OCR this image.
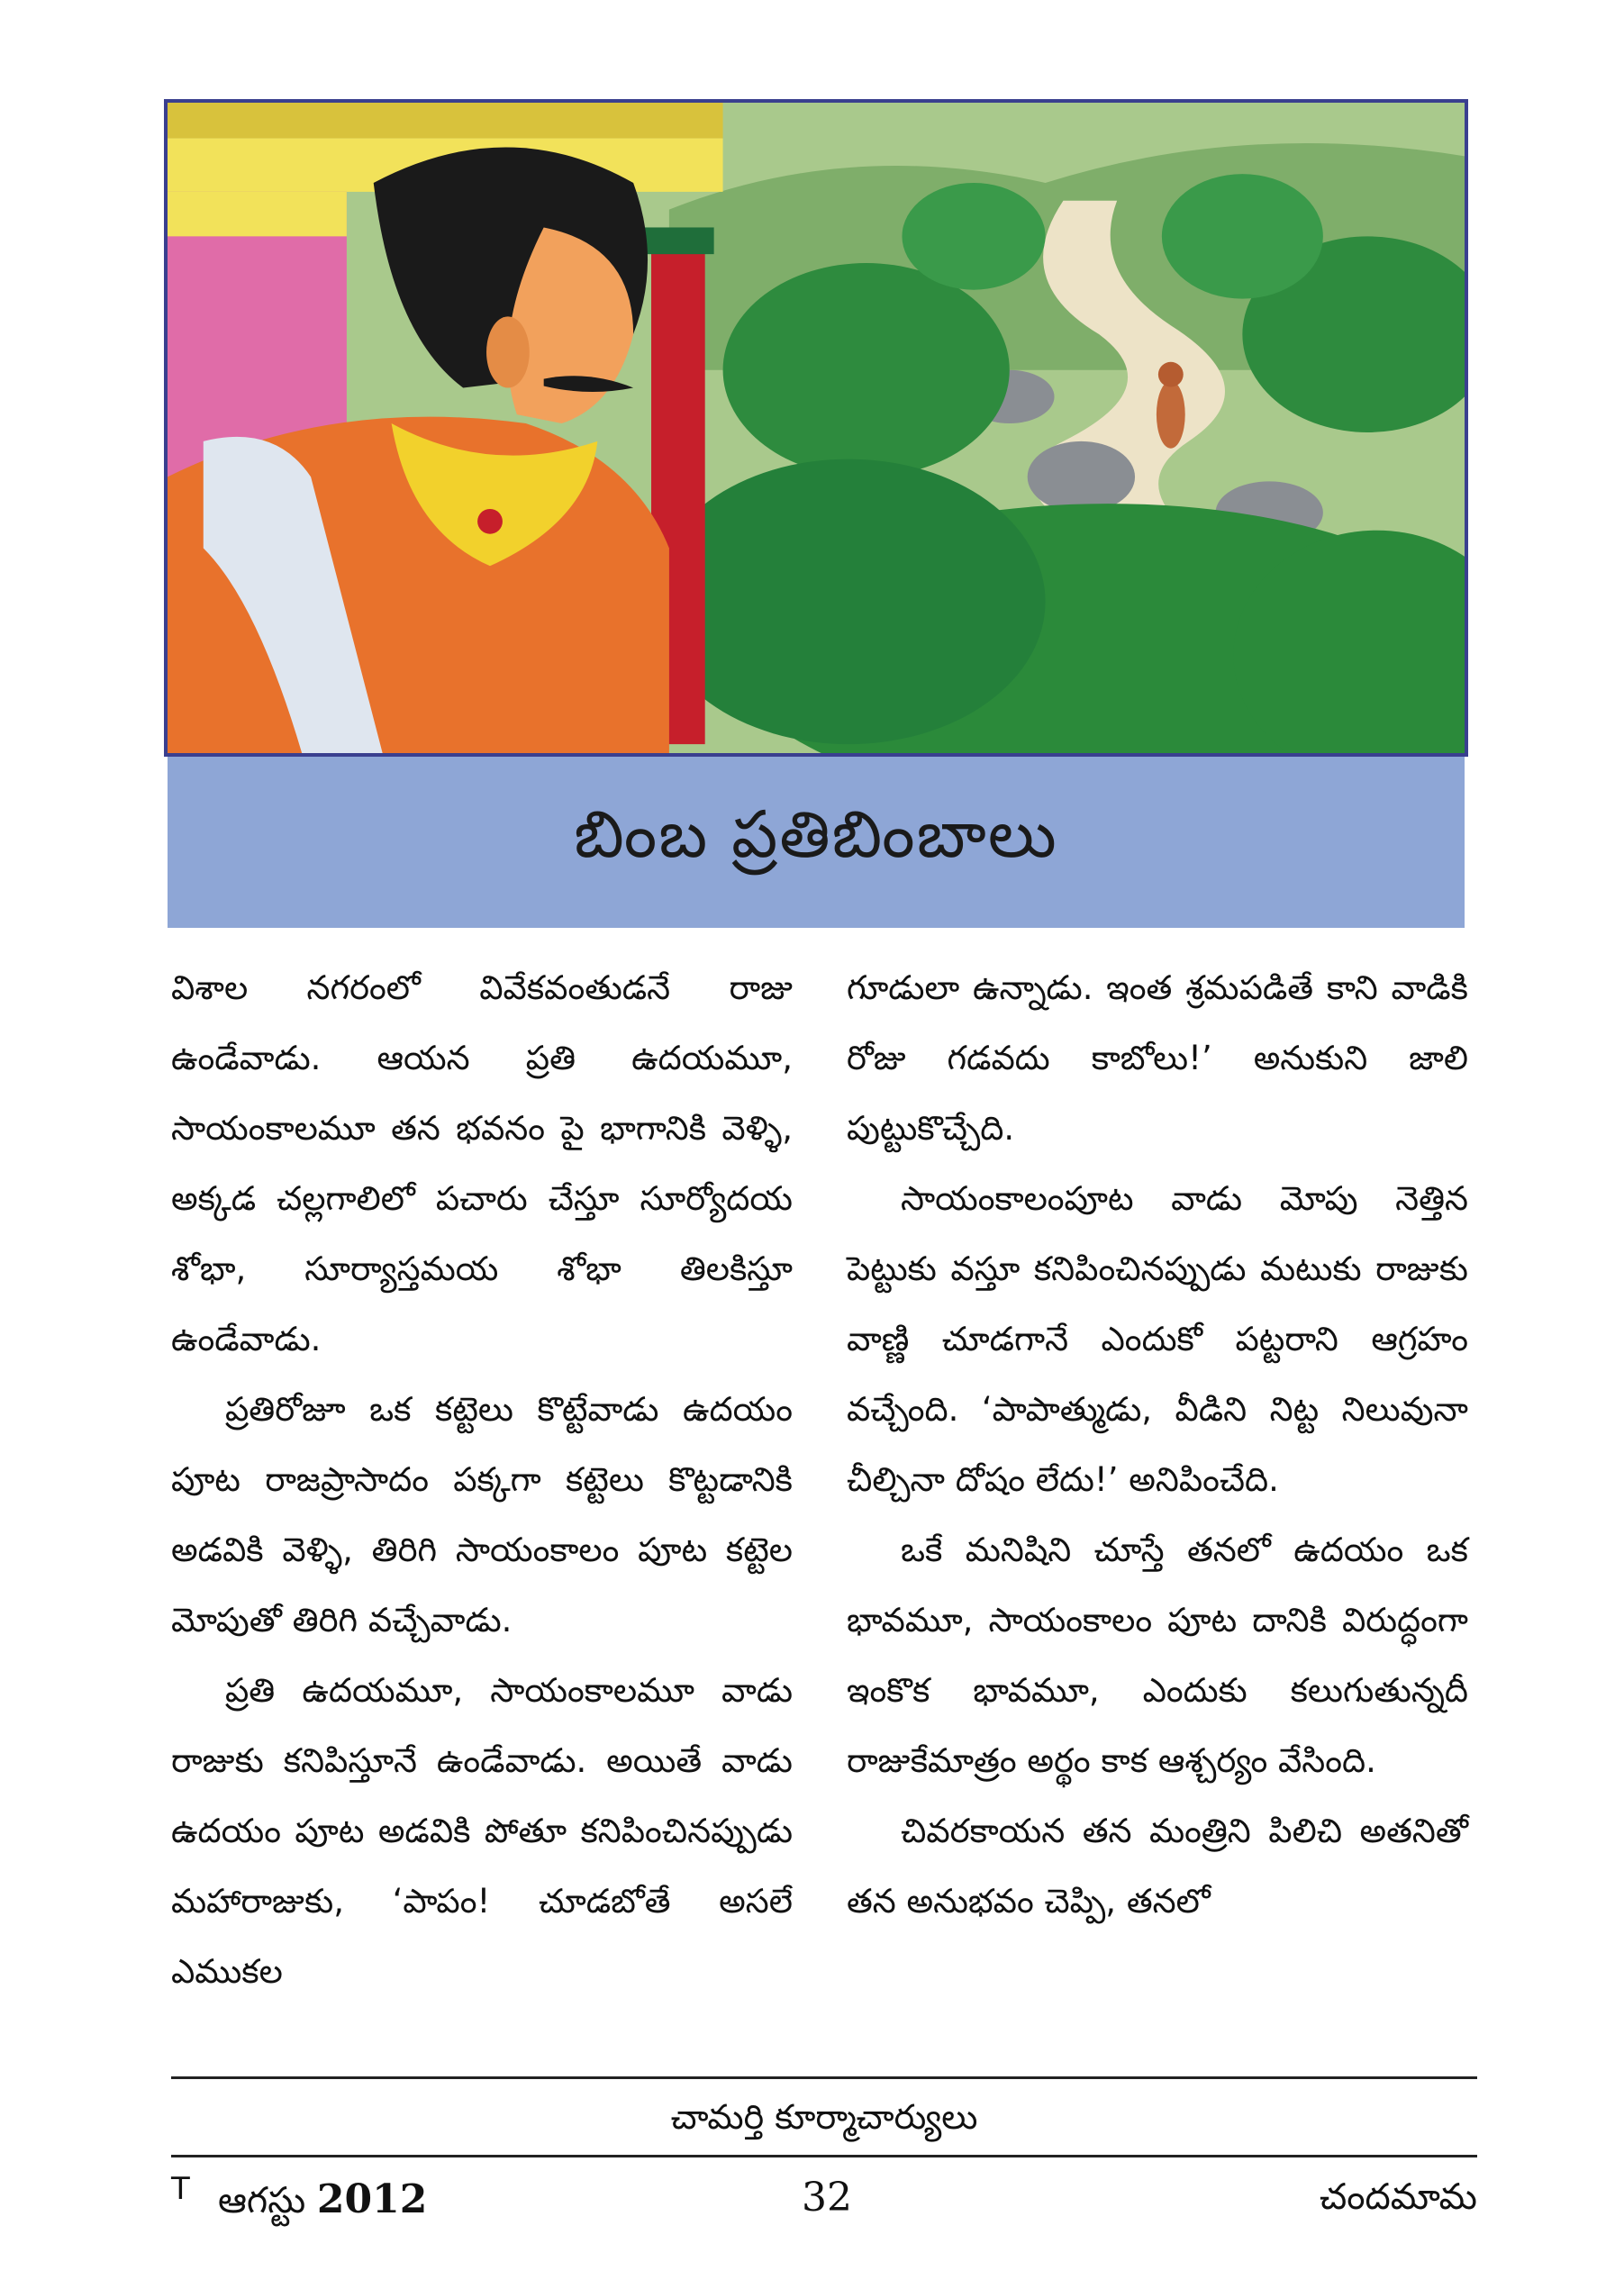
బింబ ప్రతిబింబాలు

విశాల నగరంలో వివేకవంతుడనే రాజు ఉండేవాడు. ఆయన ప్రతి ఉదయమూ, సాయంకాలమూ తన భవనం పై భాగానికి వెళ్ళి, అక్కడ చల్లగాలిలో పచారు చేస్తూ సూర్యోదయ శోభా, సూర్యాస్తమయ శోభా తిలకిస్తూ ఉండేవాడు.

ప్రతిరోజూ ఒక కట్టెలు కొట్టేవాడు ఉదయం పూట రాజప్రాసాదం పక్కగా కట్టెలు కొట్టడానికి అడవికి వెళ్ళి, తిరిగి సాయంకాలం పూట కట్టెల మోపుతో తిరిగి వచ్చేవాడు.

ప్రతి ఉదయమూ, సాయంకాలమూ వాడు రాజుకు కనిపిస్తూనే ఉండేవాడు. అయితే వాడు ఉదయం పూట అడవికి పోతూ కనిపించినప్పుడు మహారాజుకు, ‘పాపం! చూడబోతే అసలే ఎముకల

గూడులా ఉన్నాడు. ఇంత శ్రమపడితే కాని వాడికి రోజు గడవదు కాబోలు!’ అనుకుని జాలి పుట్టుకొచ్చేది.

సాయంకాలంపూట వాడు మోపు నెత్తిన పెట్టుకు వస్తూ కనిపించినప్పుడు మటుకు రాజుకు వాణ్ణి చూడగానే ఎందుకో పట్టరాని ఆగ్రహం వచ్చేంది. ‘పాపాత్ముడు, వీడిని నిట్ట నిలువునా చీల్చినా దోషం లేదు!’ అనిపించేది.

ఒకే మనిషిని చూస్తే తనలో ఉదయం ఒక భావమూ, సాయంకాలం పూట దానికి విరుద్ధంగా ఇంకొక భావమూ, ఎందుకు కలుగుతున్నదీ రాజుకేమాత్రం అర్థం కాక ఆశ్చర్యం వేసింది.

చివరకాయన తన మంత్రిని పిలిచి అతనితో తన అనుభవం చెప్పి, తనలో

చామర్తి కూర్మాచార్యులు
T ఆగస్టు 2012	32	చందమామ
